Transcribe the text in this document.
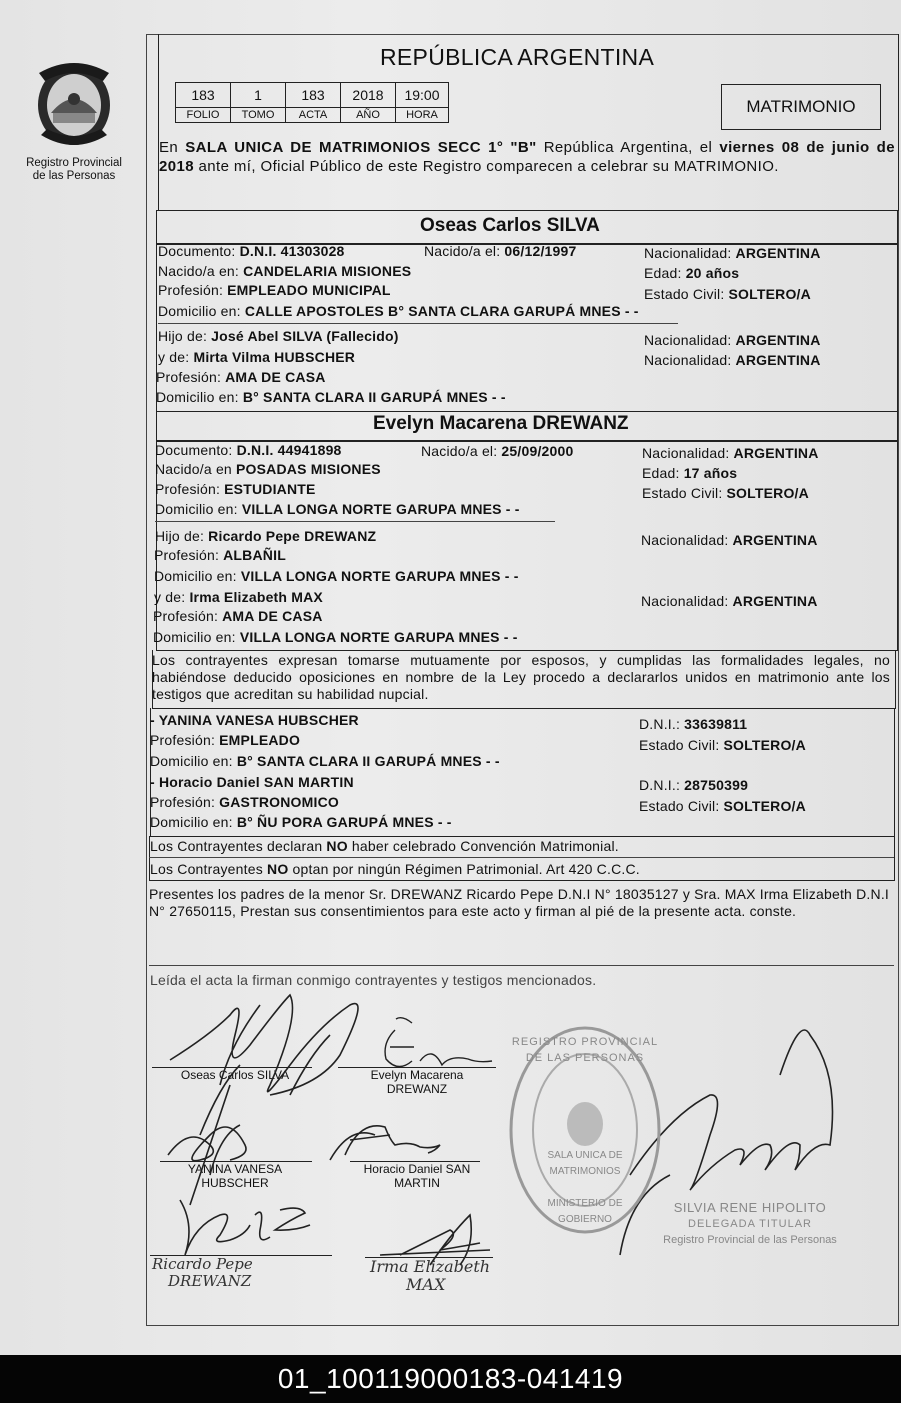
Registro Provincial
de las Personas
REPÚBLICA ARGENTINA
183	1	183	2018	19:00
FOLIO	TOMO	ACTA	AÑO	HORA	MATRIMONIO
En SALA UNICA DE MATRIMONIOS SECC 1° "B" República Argentina, el viernes 08 de junio de 2018 ante mí, Oficial Público de este Registro comparecen a celebrar su MATRIMONIO.
Oseas Carlos SILVA
Documento: D.N.I. 41303028	Nacido/a el: 06/12/1997	Nacionalidad: ARGENTINA
Nacido/a en: CANDELARIA MISIONES	Edad: 20 años
Profesión: EMPLEADO MUNICIPAL	Estado Civil: SOLTERO/A
Domicilio en: CALLE APOSTOLES B° SANTA CLARA GARUPÁ MNES - -
Hijo de: José Abel SILVA (Fallecido)	Nacionalidad: ARGENTINA
y de: Mirta Vilma HUBSCHER	Nacionalidad: ARGENTINA
Profesión: AMA DE CASA
Domicilio en: B° SANTA CLARA II GARUPÁ MNES - -
Evelyn Macarena DREWANZ
Documento: D.N.I. 44941898	Nacido/a el: 25/09/2000	Nacionalidad: ARGENTINA
Nacido/a en POSADAS MISIONES	Edad: 17 años
Profesión: ESTUDIANTE	Estado Civil: SOLTERO/A
Domicilio en: VILLA LONGA NORTE GARUPA MNES - -
Hijo de: Ricardo Pepe DREWANZ	Nacionalidad: ARGENTINA
Profesión: ALBAÑIL
Domicilio en: VILLA LONGA NORTE GARUPA MNES - -
y de: Irma Elizabeth MAX	Nacionalidad: ARGENTINA
Profesión: AMA DE CASA
Domicilio en: VILLA LONGA NORTE GARUPA MNES - -
Los contrayentes expresan tomarse mutuamente por esposos, y cumplidas las formalidades legales, no habiéndose deducido oposiciones en nombre de la Ley procedo a declararlos unidos en matrimonio ante los testigos que acreditan su habilidad nupcial.
- YANINA VANESA HUBSCHER	D.N.I.: 33639811
Profesión: EMPLEADO	Estado Civil: SOLTERO/A
Domicilio en: B° SANTA CLARA II GARUPÁ MNES - -
- Horacio Daniel SAN MARTIN	D.N.I.: 28750399
Profesión: GASTRONOMICO	Estado Civil: SOLTERO/A
Domicilio en: B° ÑU PORA GARUPÁ MNES - -
Los Contrayentes declaran NO haber celebrado Convención Matrimonial.
Los Contrayentes NO optan por ningún Régimen Patrimonial. Art 420 C.C.C.
Presentes los padres de la menor Sr. DREWANZ Ricardo Pepe D.N.I N° 18035127 y Sra. MAX Irma Elizabeth D.N.I N° 27650115, Prestan sus consentimientos para este acto y firman al pié de la presente acta. conste.
Leída el acta la firman conmigo contrayentes y testigos mencionados.
Oseas Carlos SILVA	Evelyn Macarena
DREWANZ
YANINA VANESA
HUBSCHER
Horacio Daniel SAN
MARTIN
Ricardo Pepe
DREWANZ
Irma Elizabeth
MAX
REGISTRO PROVINCIAL DE LAS PERSONAS
SALA UNICA DE MATRIMONIOS
MINISTERIO DE GOBIERNO
SILVIA RENE HIPOLITO
DELEGADA TITULAR
Registro Provincial de las Personas
01_100119000183-041419
